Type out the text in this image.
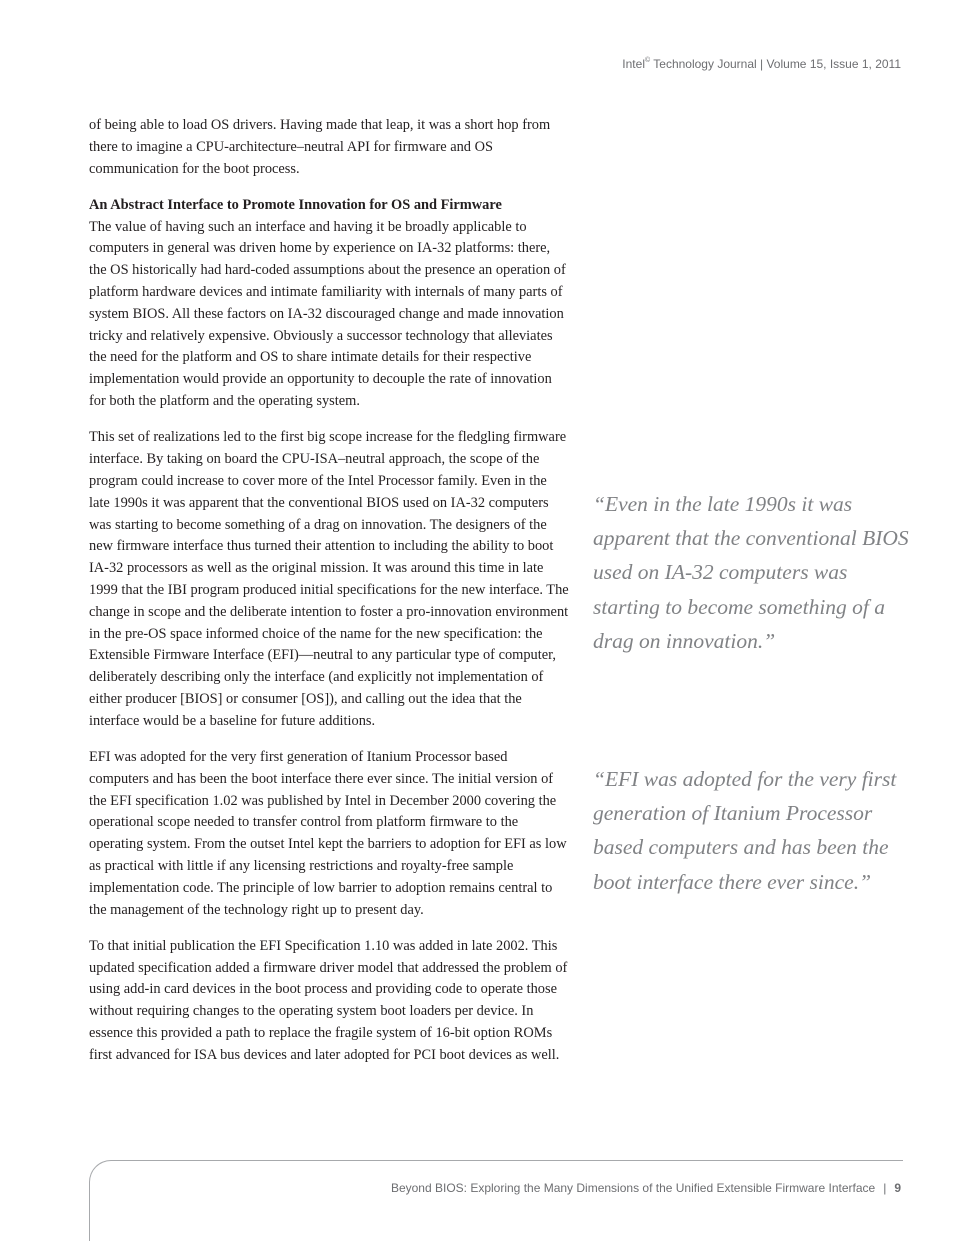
Intel© Technology Journal | Volume 15, Issue 1, 2011

of being able to load OS drivers. Having made that leap, it was a short hop from there to imagine a CPU-architecture–neutral API for firmware and OS communication for the boot process.

An Abstract Interface to Promote Innovation for OS and Firmware

The value of having such an interface and having it be broadly applicable to computers in general was driven home by experience on IA-32 platforms: there, the OS historically had hard-coded assumptions about the presence an operation of platform hardware devices and intimate familiarity with internals of many parts of system BIOS. All these factors on IA-32 discouraged change and made innovation tricky and relatively expensive. Obviously a successor technology that alleviates the need for the platform and OS to share intimate details for their respective implementation would provide an opportunity to decouple the rate of innovation for both the platform and the operating system.

This set of realizations led to the first big scope increase for the fledgling firmware interface. By taking on board the CPU-ISA–neutral approach, the scope of the program could increase to cover more of the Intel Processor family. Even in the late 1990s it was apparent that the conventional BIOS used on IA-32 computers was starting to become something of a drag on innovation. The designers of the new firmware interface thus turned their attention to including the ability to boot IA-32 processors as well as the original mission. It was around this time in late 1999 that the IBI program produced initial specifications for the new interface. The change in scope and the deliberate intention to foster a pro-innovation environment in the pre-OS space informed choice of the name for the new specification: the Extensible Firmware Interface (EFI)—neutral to any particular type of computer, deliberately describing only the interface (and explicitly not implementation of either producer [BIOS] or consumer [OS]), and calling out the idea that the interface would be a baseline for future additions.

EFI was adopted for the very first generation of Itanium Processor based computers and has been the boot interface there ever since. The initial version of the EFI specification 1.02 was published by Intel in December 2000 covering the operational scope needed to transfer control from platform firmware to the operating system. From the outset Intel kept the barriers to adoption for EFI as low as practical with little if any licensing restrictions and royalty-free sample implementation code. The principle of low barrier to adoption remains central to the management of the technology right up to present day.

To that initial publication the EFI Specification 1.10 was added in late 2002. This updated specification added a firmware driver model that addressed the problem of using add-in card devices in the boot process and providing code to operate those without requiring changes to the operating system boot loaders per device. In essence this provided a path to replace the fragile system of 16-bit option ROMs first advanced for ISA bus devices and later adopted for PCI boot devices as well.

“Even in the late 1990s it was apparent that the conventional BIOS used on IA-32 computers was starting to become something of a drag on innovation.”
“EFI was adopted for the very first generation of Itanium Processor based computers and has been the boot interface there ever since.”
Beyond BIOS: Exploring the Many Dimensions of the Unified Extensible Firmware Interface | 9
